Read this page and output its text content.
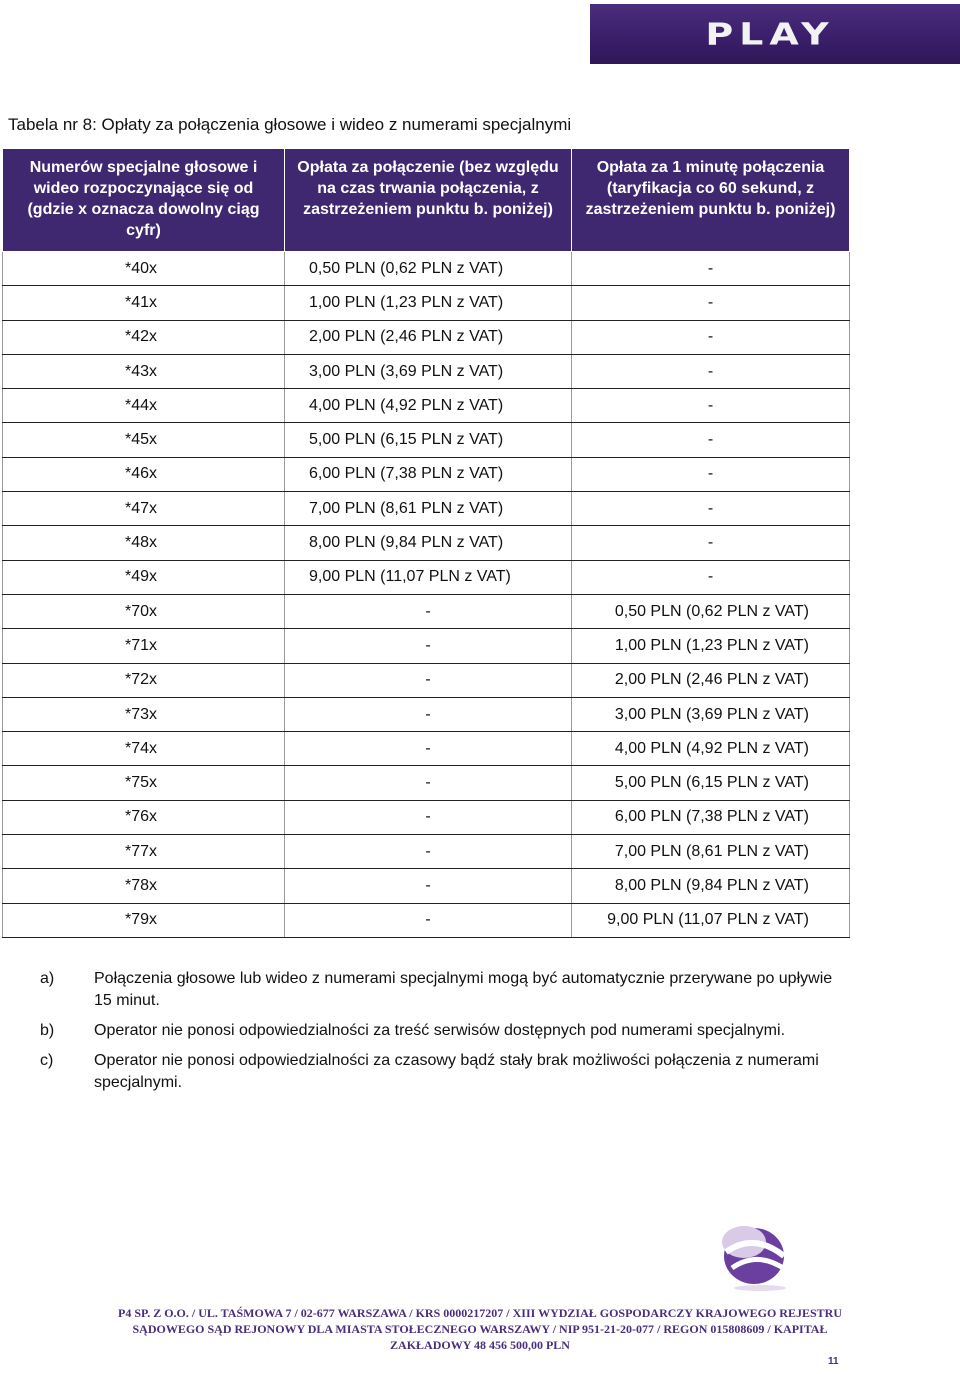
PLAY
Tabela nr 8: Opłaty za połączenia głosowe i wideo z numerami specjalnymi
Numerów specjalne głosowe i wideo rozpoczynające się od (gdzie x oznacza dowolny ciąg cyfr)	Opłata za połączenie (bez względu na czas trwania połączenia, z zastrzeżeniem punktu b. poniżej)	Opłata za 1 minutę połączenia (taryfikacja co 60 sekund, z zastrzeżeniem punktu b. poniżej)

*40x	0,50 PLN (0,62 PLN z VAT)	-
*41x	1,00 PLN (1,23 PLN z VAT)	-
*42x	2,00 PLN (2,46 PLN z VAT)	-
*43x	3,00 PLN (3,69 PLN z VAT)	-
*44x	4,00 PLN (4,92 PLN z VAT)	-
*45x	5,00 PLN (6,15 PLN z VAT)	-
*46x	6,00 PLN (7,38 PLN z VAT)	-
*47x	7,00 PLN (8,61 PLN z VAT)	-
*48x	8,00 PLN (9,84 PLN z VAT)	-
*49x	9,00 PLN (11,07 PLN z VAT)	-
*70x	-	0,50 PLN (0,62 PLN z VAT)
*71x	-	1,00 PLN (1,23 PLN z VAT)
*72x	-	2,00 PLN (2,46 PLN z VAT)
*73x	-	3,00 PLN (3,69 PLN z VAT)
*74x	-	4,00 PLN (4,92 PLN z VAT)
*75x	-	5,00 PLN (6,15 PLN z VAT)
*76x	-	6,00 PLN (7,38 PLN z VAT)
*77x	-	7,00 PLN (8,61 PLN z VAT)
*78x	-	8,00 PLN (9,84 PLN z VAT)
*79x	-	9,00 PLN (11,07 PLN z VAT)
a)	Połączenia głosowe lub wideo z numerami specjalnymi mogą być automatycznie przerywane po upływie 15 minut.
b)	Operator nie ponosi odpowiedzialności za treść serwisów dostępnych pod numerami specjalnymi.
c)	Operator nie ponosi odpowiedzialności za czasowy bądź stały brak możliwości połączenia z numerami specjalnymi.
P4 SP. Z O.O. / UL. TAŚMOWA 7 / 02-677 WARSZAWA / KRS 0000217207 / XIII WYDZIAŁ GOSPODARCZY KRAJOWEGO REJESTRU
SĄDOWEGO SĄD REJONOWY DLA MIASTA STOŁECZNEGO WARSZAWY / NIP 951-21-20-077 / REGON 015808609 / KAPITAŁ
ZAKŁADOWY 48 456 500,00 PLN
11
